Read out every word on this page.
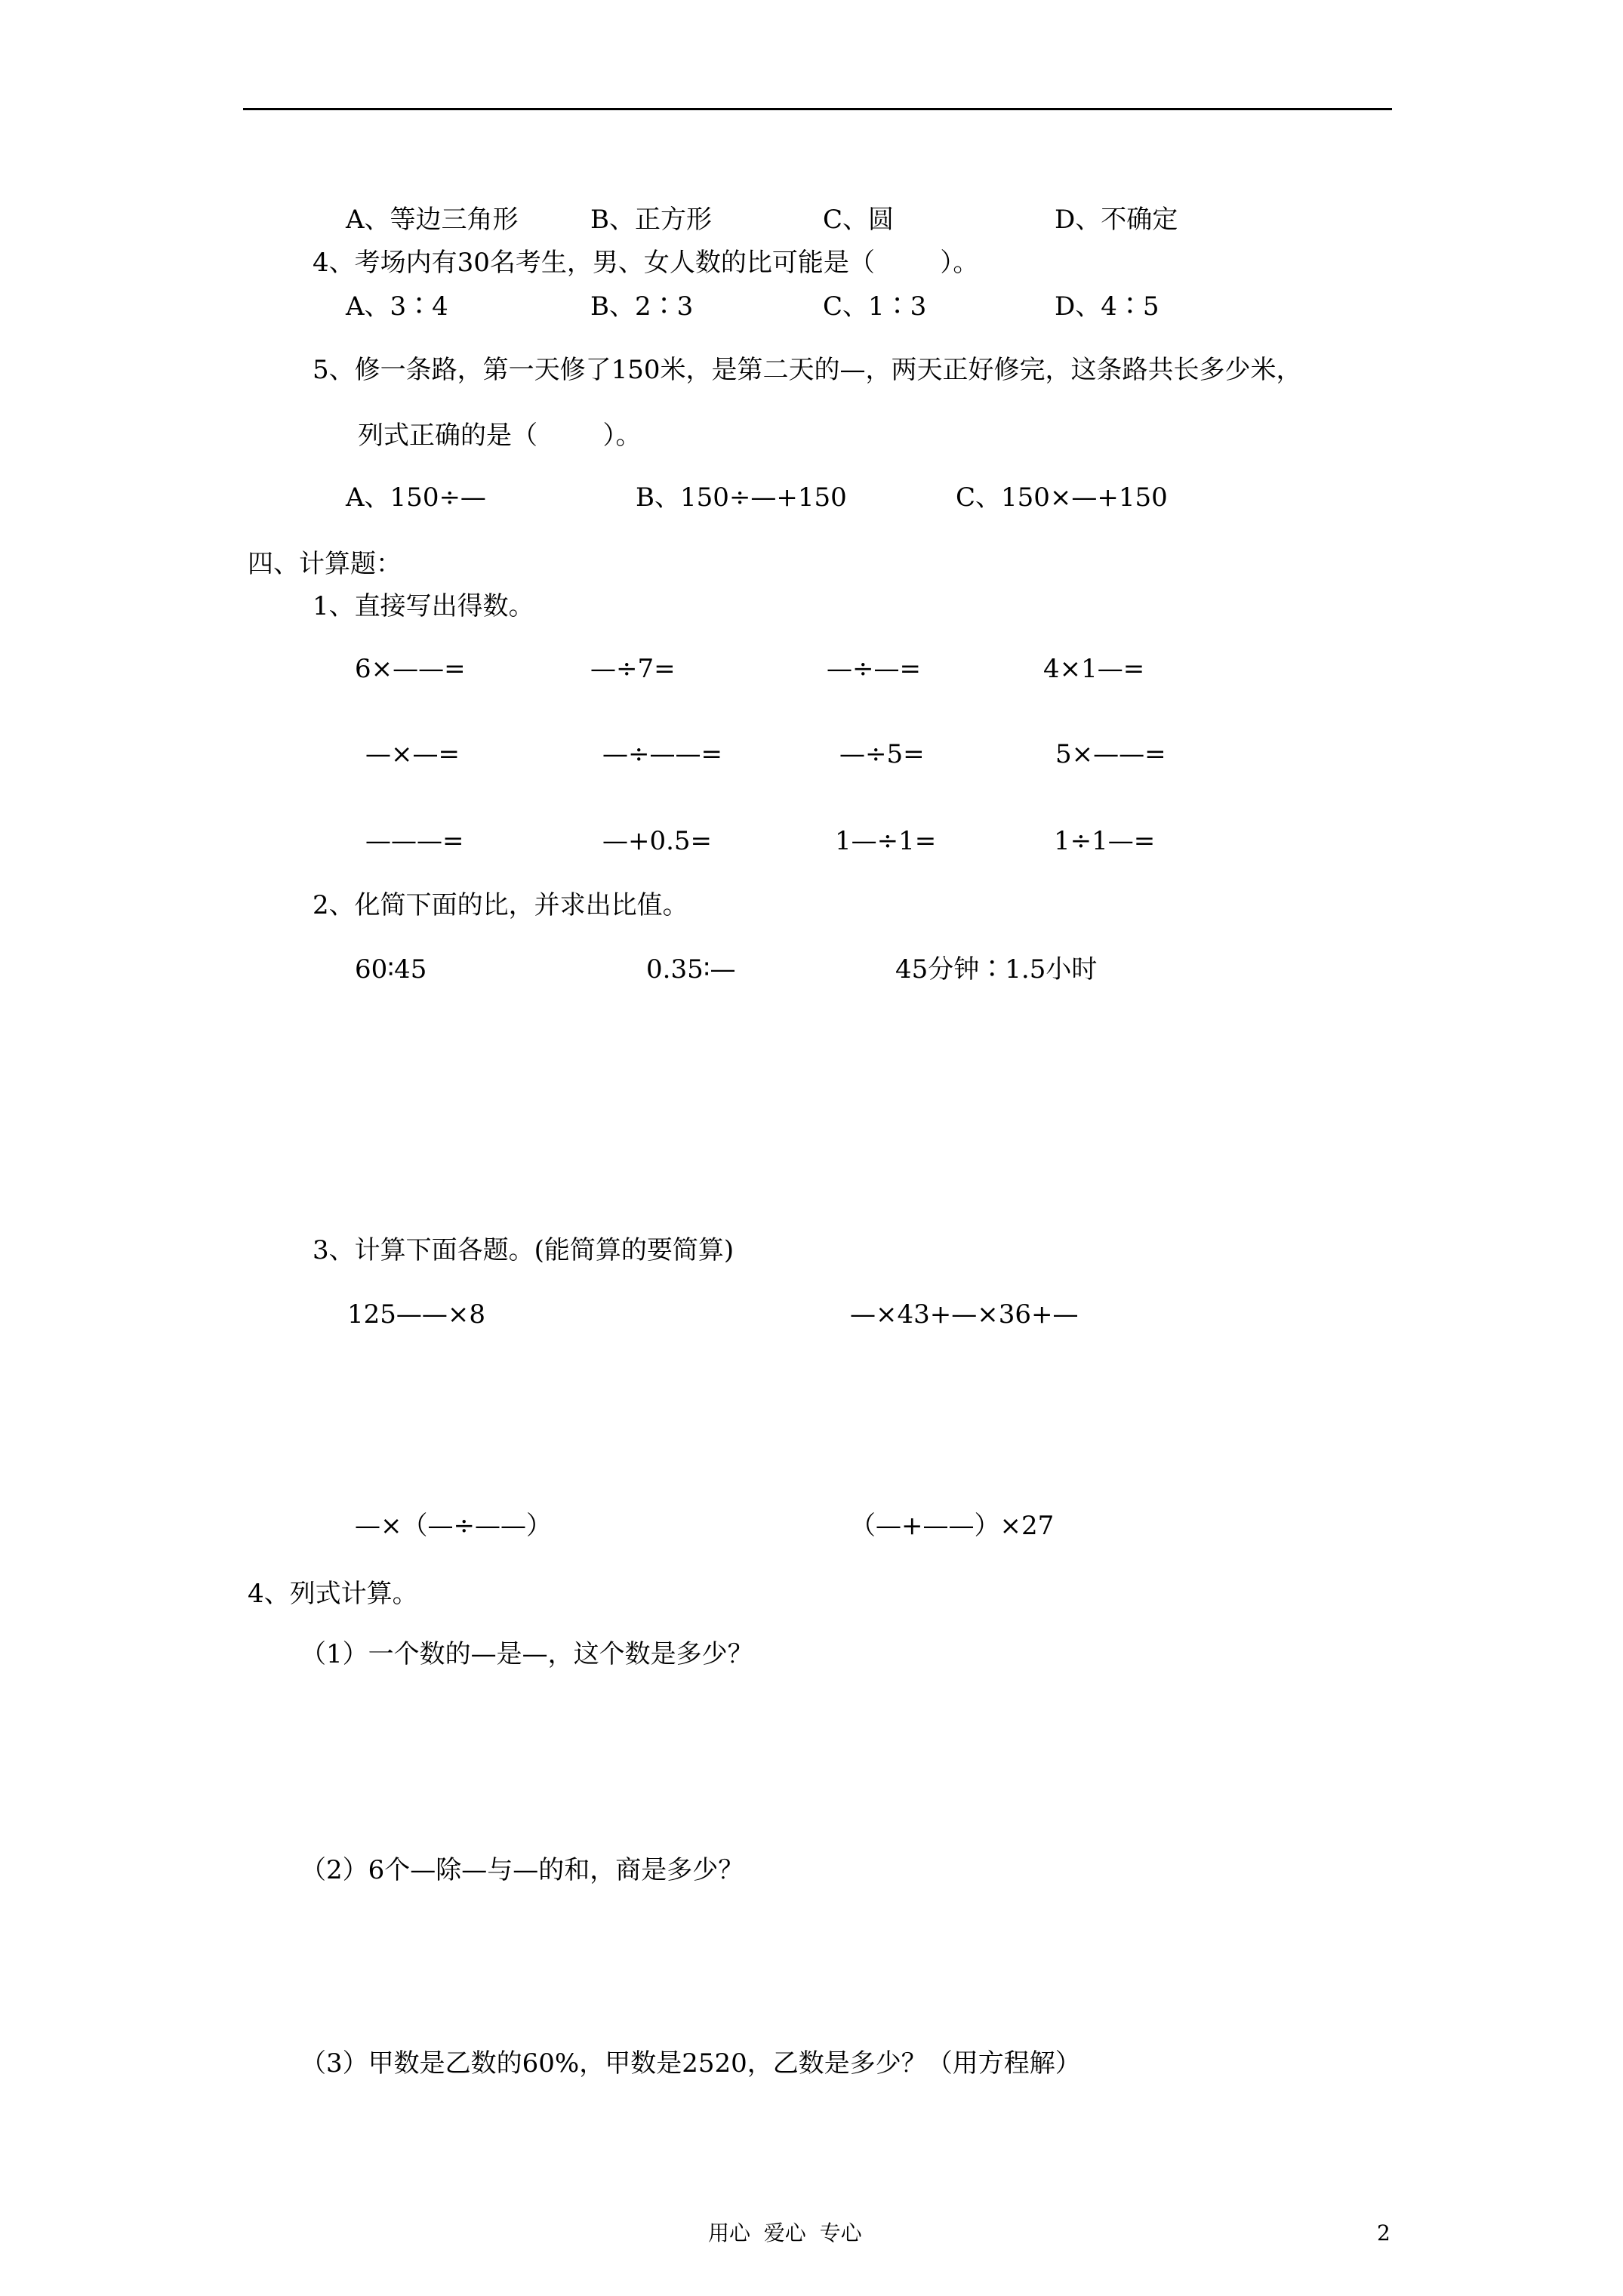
A、等边三角形	B、正方形	C、圆	D、不确定
4、考场内有30名考生，男、女人数的比可能是（        ）。
A、3∶4	B、2∶3	C、1∶3	D、4∶5
5、修一条路，第一天修了150米，是第二天的—，两天正好修完，这条路共长多少米，
列式正确的是（        ）。
A、150÷—	B、150÷—+150	C、150×—+150
四、计算题：
1、直接写出得数。
6×——=	—÷7=	—÷—=	4×1—=
—×—=	—÷——=	—÷5=	5×——=
———=	—+0.5=	1—÷1=	1÷1—=
2、化简下面的比，并求出比值。
60∶45	0.35∶—	45分钟∶1.5小时
3、计算下面各题。(能简算的要简算)
125——×8	—×43+—×36+—
—×（—÷——）	（—+——）×27
4、列式计算。
（1）一个数的—是—，这个数是多少？
（2）6个—除—与—的和，商是多少？
（3）甲数是乙数的60%，甲数是2520，乙数是多少？（用方程解）
用心  爱心  专心	2
